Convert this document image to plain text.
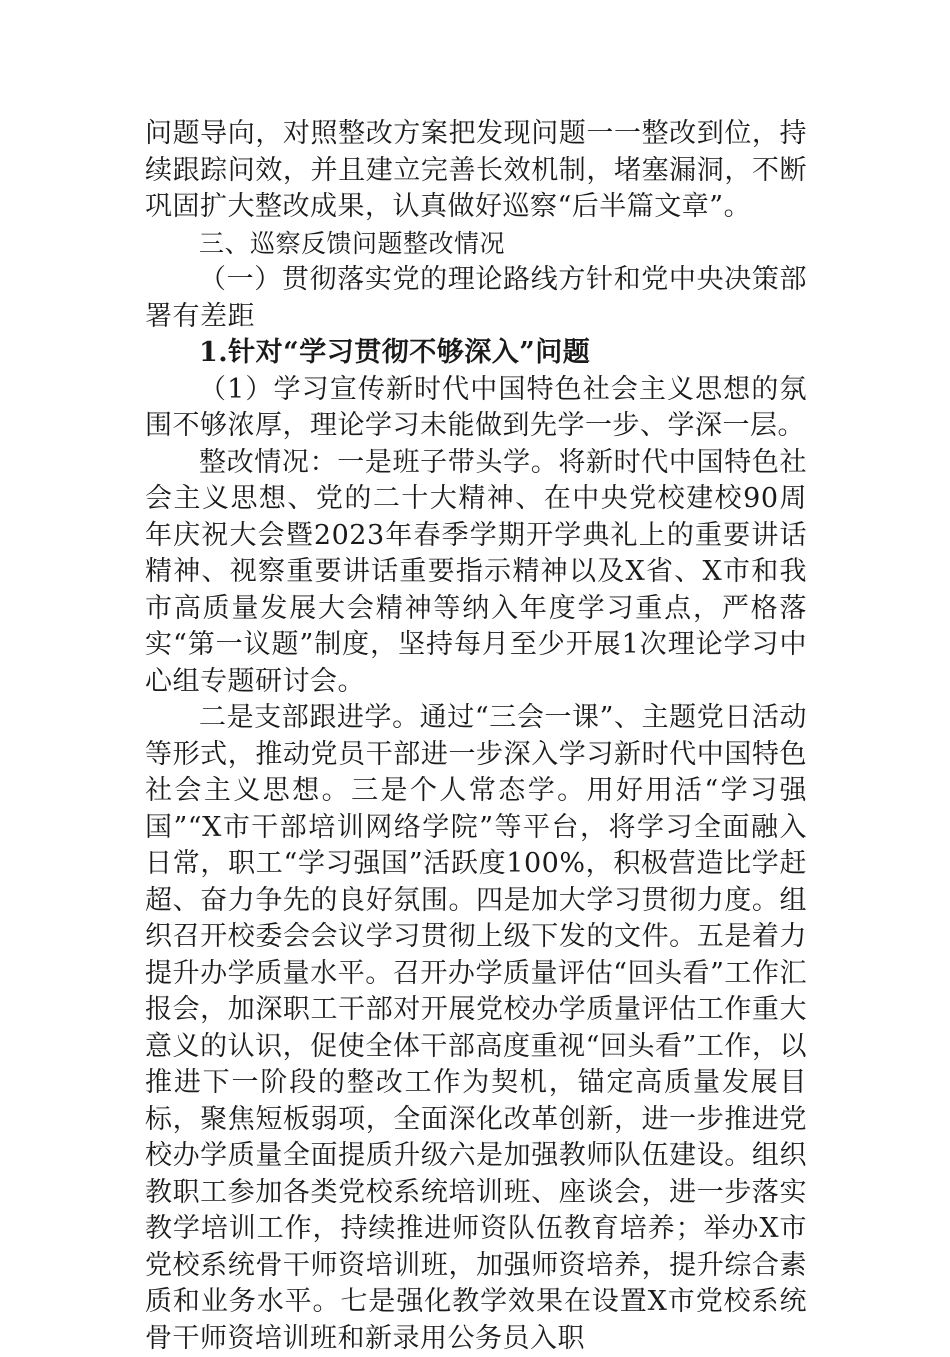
问题导向，对照整改方案把发现问题一一整改到位，持续跟踪问效，并且建立完善长效机制，堵塞漏洞，不断巩固扩大整改成果，认真做好巡察“后半篇文章”。

三、巡察反馈问题整改情况

（一）贯彻落实党的理论路线方针和党中央决策部署有差距

1.针对“学习贯彻不够深入”问题

（1）学习宣传新时代中国特色社会主义思想的氛围不够浓厚，理论学习未能做到先学一步、学深一层。

整改情况：一是班子带头学。将新时代中国特色社会主义思想、党的二十大精神、在中央党校建校90周年庆祝大会暨2023年春季学期开学典礼上的重要讲话精神、视察重要讲话重要指示精神以及X省、X市和我市高质量发展大会精神等纳入年度学习重点，严格落实“第一议题”制度，坚持每月至少开展1次理论学习中心组专题研讨会。

二是支部跟进学。通过“三会一课”、主题党日活动等形式，推动党员干部进一步深入学习新时代中国特色社会主义思想。三是个人常态学。用好用活“学习强国”“X市干部培训网络学院”等平台，将学习全面融入日常，职工“学习强国”活跃度100%，积极营造比学赶超、奋力争先的良好氛围。四是加大学习贯彻力度。组织召开校委会会议学习贯彻上级下发的文件。五是着力提升办学质量水平。召开办学质量评估“回头看”工作汇报会，加深职工干部对开展党校办学质量评估工作重大意义的认识，促使全体干部高度重视“回头看”工作，以推进下一阶段的整改工作为契机，锚定高质量发展目标，聚焦短板弱项，全面深化改革创新，进一步推进党校办学质量全面提质升级六是加强教师队伍建设。组织教职工参加各类党校系统培训班、座谈会，进一步落实教学培训工作，持续推进师资队伍教育培养；举办X市党校系统骨干师资培训班，加强师资培养，提升综合素质和业务水平。七是强化教学效果在设置X市党校系统骨干师资培训班和新录用公务员入职
